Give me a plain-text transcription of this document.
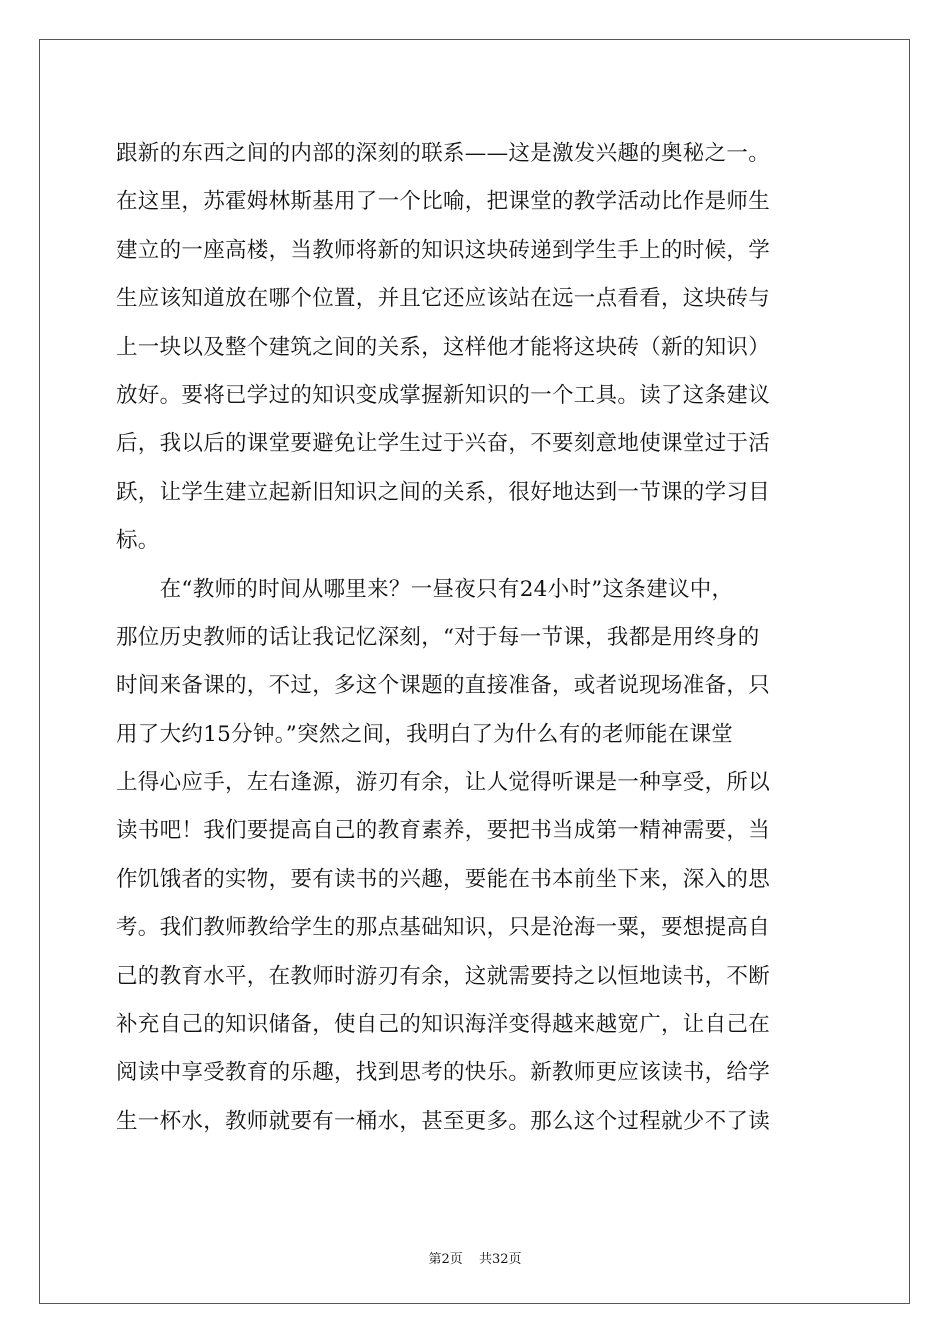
跟新的东西之间的内部的深刻的联系——这是激发兴趣的奥秘之一。
在这里，苏霍姆林斯基用了一个比喻，把课堂的教学活动比作是师生
建立的一座高楼，当教师将新的知识这块砖递到学生手上的时候，学
生应该知道放在哪个位置，并且它还应该站在远一点看看，这块砖与
上一块以及整个建筑之间的关系，这样他才能将这块砖（新的知识）
放好。要将已学过的知识变成掌握新知识的一个工具。读了这条建议
后，我以后的课堂要避免让学生过于兴奋，不要刻意地使课堂过于活
跃，让学生建立起新旧知识之间的关系，很好地达到一节课的学习目
标。
　　在“教师的时间从哪里来？一昼夜只有24小时”这条建议中，
那位历史教师的话让我记忆深刻，“对于每一节课，我都是用终身的
时间来备课的，不过，多这个课题的直接准备，或者说现场准备，只
用了大约15分钟。”突然之间，我明白了为什么有的老师能在课堂
上得心应手，左右逢源，游刃有余，让人觉得听课是一种享受，所以
读书吧！我们要提高自己的教育素养，要把书当成第一精神需要，当
作饥饿者的实物，要有读书的兴趣，要能在书本前坐下来，深入的思
考。我们教师教给学生的那点基础知识，只是沧海一粟，要想提高自
己的教育水平，在教师时游刃有余，这就需要持之以恒地读书，不断
补充自己的知识储备，使自己的知识海洋变得越来越宽广，让自己在
阅读中享受教育的乐趣，找到思考的快乐。新教师更应该读书，给学
生一杯水，教师就要有一桶水，甚至更多。那么这个过程就少不了读
第2页 共32页
